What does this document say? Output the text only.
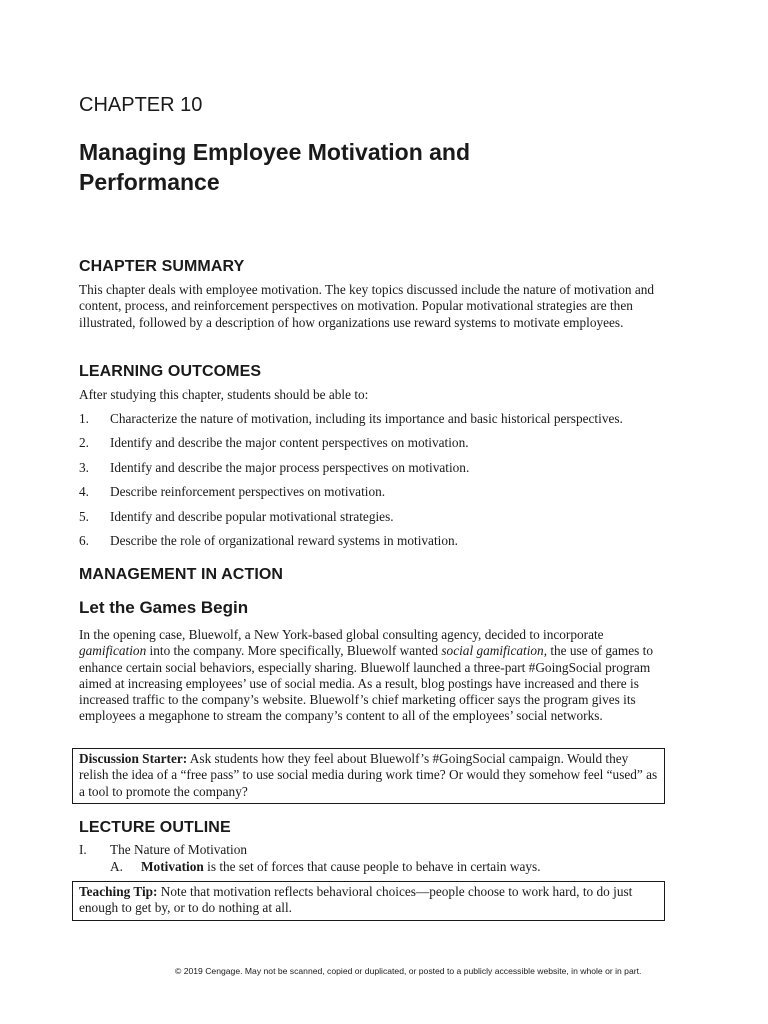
CHAPTER 10
Managing Employee Motivation and
Performance
CHAPTER SUMMARY

This chapter deals with employee motivation. The key topics discussed include the nature of motivation and content, process, and reinforcement perspectives on motivation. Popular motivational strategies are then illustrated, followed by a description of how organizations use reward systems to motivate employees.

LEARNING OUTCOMES

After studying this chapter, students should be able to:

1.	Characterize the nature of motivation, including its importance and basic historical perspectives.
2.	Identify and describe the major content perspectives on motivation.
3.	Identify and describe the major process perspectives on motivation.
4.	Describe reinforcement perspectives on motivation.
5.	Identify and describe popular motivational strategies.
6.	Describe the role of organizational reward systems in motivation.
MANAGEMENT IN ACTION
Let the Games Begin

In the opening case, Bluewolf, a New York-based global consulting agency, decided to incorporate gamification into the company. More specifically, Bluewolf wanted social gamification, the use of games to enhance certain social behaviors, especially sharing. Bluewolf launched a three-part #GoingSocial program aimed at increasing employees’ use of social media. As a result, blog postings have increased and there is increased traffic to the company’s website. Bluewolf’s chief marketing officer says the program gives its employees a megaphone to stream the company’s content to all of the employees’ social networks.

Discussion Starter: Ask students how they feel about Bluewolf’s #GoingSocial campaign. Would they relish the idea of a “free pass” to use social media during work time? Or would they somehow feel “used” as a tool to promote the company?
LECTURE OUTLINE
I.	The Nature of Motivation
A.	Motivation is the set of forces that cause people to behave in certain ways.
Teaching Tip: Note that motivation reflects behavioral choices—people choose to work hard, to do just enough to get by, or to do nothing at all.
© 2019 Cengage. May not be scanned, copied or duplicated, or posted to a publicly accessible website, in whole or in part.
